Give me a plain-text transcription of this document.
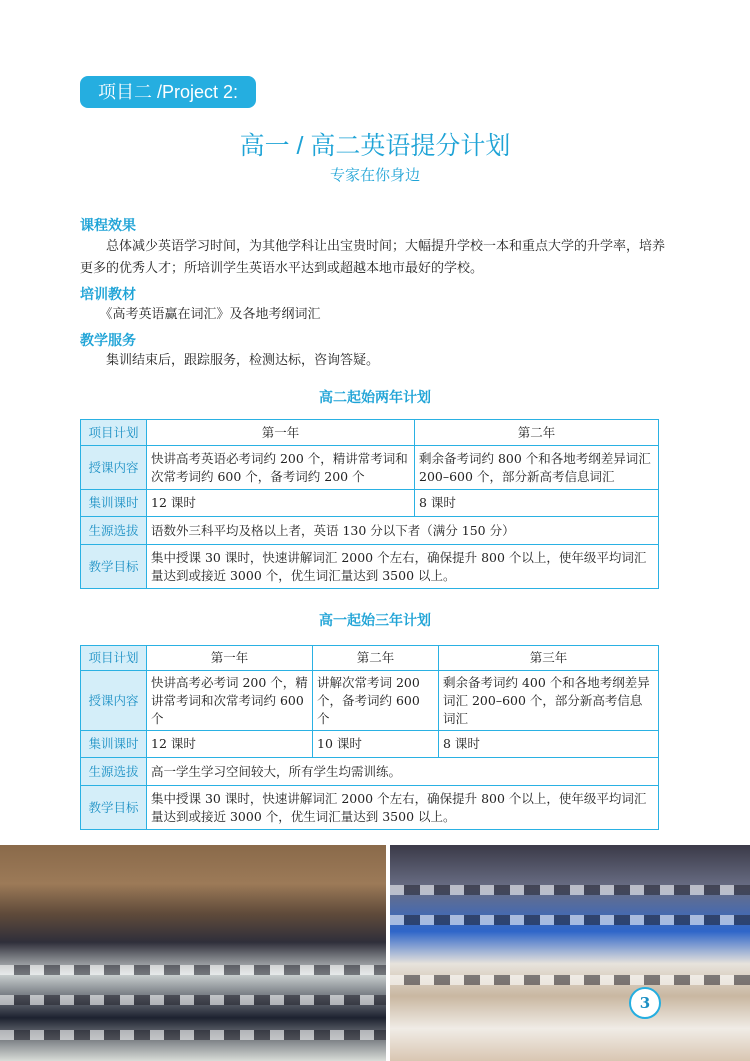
项目二 /Project 2:
高一 / 高二英语提分计划
专家在你身边
课程效果
　　总体减少英语学习时间，为其他学科让出宝贵时间；大幅提升学校一本和重点大学的升学率，培养更多的优秀人才；所培训学生英语水平达到或超越本地市最好的学校。
培训教材
　　《高考英语赢在词汇》及各地考纲词汇
教学服务
　　集训结束后，跟踪服务，检测达标，咨询答疑。
高二起始两年计划
项目计划	第一年	第二年
授课内容	快讲高考英语必考词约 200 个，精讲常考词和次常考词约 600 个，备考词约 200 个	剩余备考词约 800 个和各地考纲差异词汇 200–600 个，部分新高考信息词汇
集训课时	12 课时	8 课时
生源选拔	语数外三科平均及格以上者，英语 130 分以下者（满分 150 分）	
教学目标	集中授课 30 课时，快速讲解词汇 2000 个左右，确保提升 800 个以上，使年级平均词汇量达到或接近 3000 个，优生词汇量达到 3500 以上。	
高一起始三年计划
项目计划	第一年	第二年	第三年
授课内容	快讲高考必考词 200 个，精讲常考词和次常考词约 600 个	讲解次常考词 200 个，备考词约 600 个	剩余备考词约 400 个和各地考纲差异词汇 200–600 个，部分新高考信息词汇
集训课时	12 课时	10 课时	8 课时
生源选拔	高一学生学习空间较大，所有学生均需训练。		
教学目标	集中授课 30 课时，快速讲解词汇 2000 个左右，确保提升 800 个以上，使年级平均词汇量达到或接近 3000 个，优生词汇量达到 3500 以上。		
3
